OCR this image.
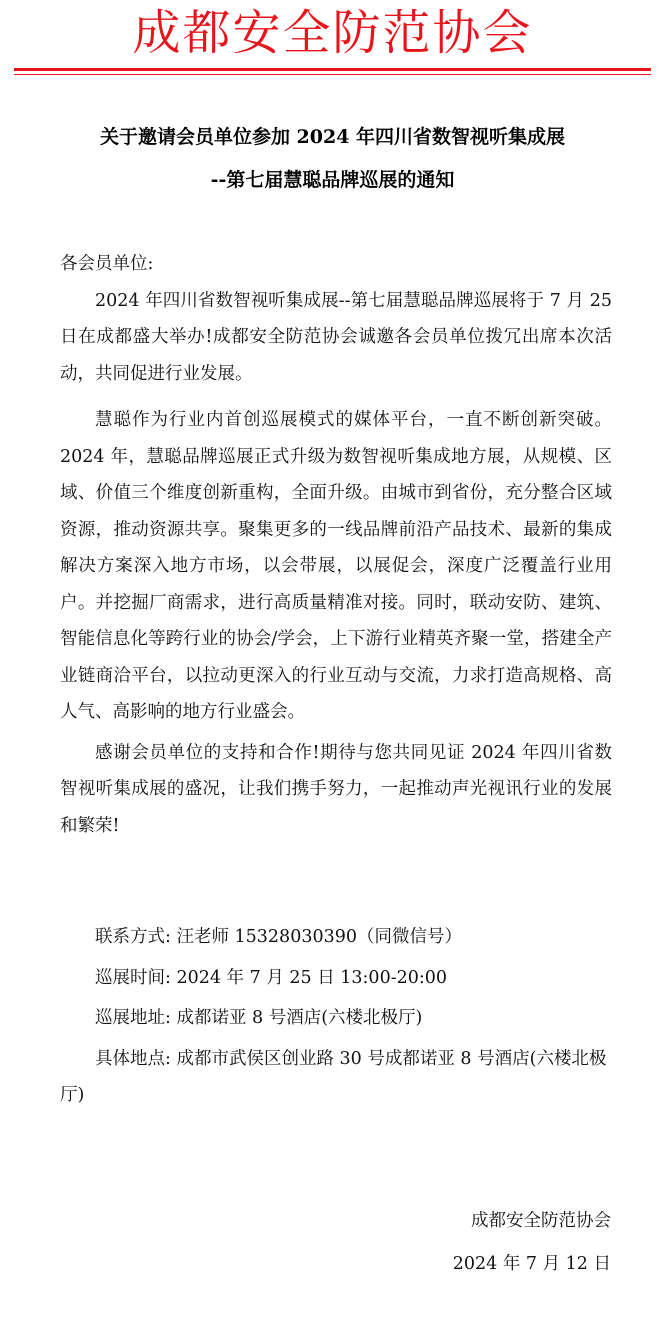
成都安全防范协会
关于邀请会员单位参加 2024 年四川省数智视听集成展
--第七届慧聪品牌巡展的通知

各会员单位:

2024 年四川省数智视听集成展--第七届慧聪品牌巡展将于 7 月 25 日在成都盛大举办!成都安全防范协会诚邀各会员单位拨冗出席本次活动，共同促进行业发展。

慧聪作为行业内首创巡展模式的媒体平台，一直不断创新突破。2024 年，慧聪品牌巡展正式升级为数智视听集成地方展，从规模、区域、价值三个维度创新重构，全面升级。由城市到省份，充分整合区域资源，推动资源共享。聚集更多的一线品牌前沿产品技术、最新的集成解决方案深入地方市场，以会带展，以展促会，深度广泛覆盖行业用户。并挖掘厂商需求，进行高质量精准对接。同时，联动安防、建筑、智能信息化等跨行业的协会/学会，上下游行业精英齐聚一堂，搭建全产业链商洽平台，以拉动更深入的行业互动与交流，力求打造高规格、高人气、高影响的地方行业盛会。

感谢会员单位的支持和合作!期待与您共同见证 2024 年四川省数智视听集成展的盛况，让我们携手努力，一起推动声光视讯行业的发展和繁荣!

联系方式: 汪老师 15328030390（同微信号）

巡展时间: 2024 年 7 月 25 日 13:00-20:00

巡展地址: 成都诺亚 8 号酒店(六楼北极厅)

具体地点: 成都市武侯区创业路 30 号成都诺亚 8 号酒店(六楼北极厅)

成都安全防范协会
2024 年 7 月 12 日
